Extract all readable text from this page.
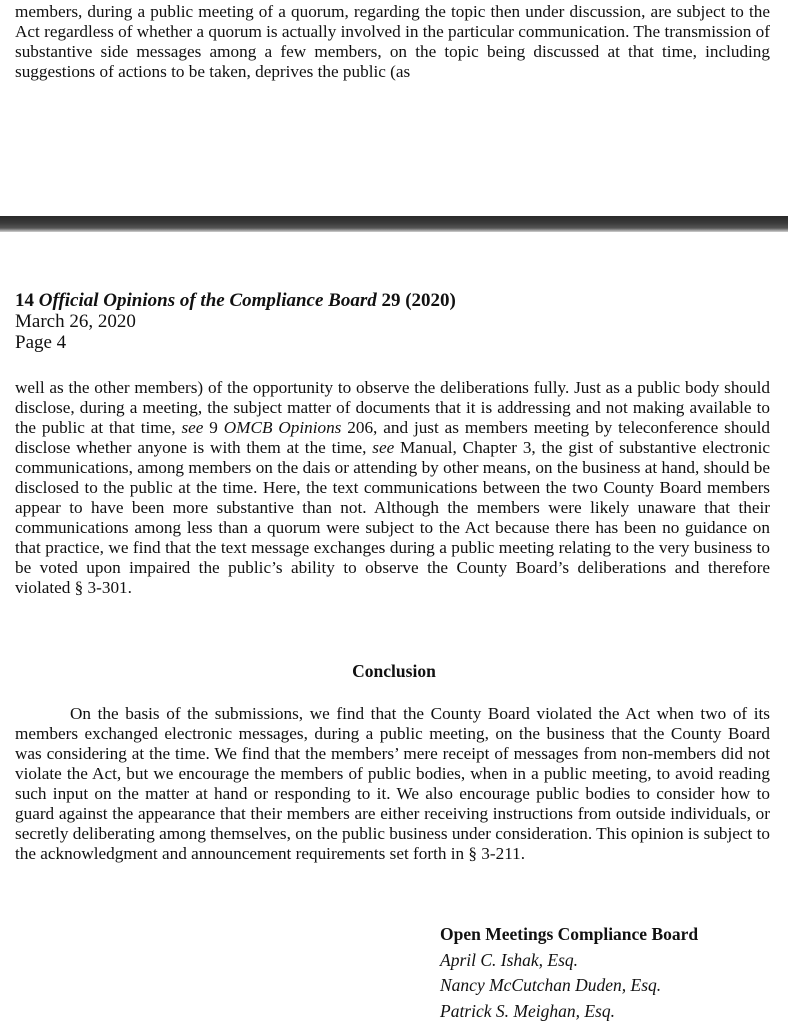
members, during a public meeting of a quorum, regarding the topic then under discussion, are subject to the Act regardless of whether a quorum is actually involved in the particular communication. The transmission of substantive side messages among a few members, on the topic being discussed at that time, including suggestions of actions to be taken, deprives the public (as

14 Official Opinions of the Compliance Board 29 (2020)
March 26, 2020
Page 4

well as the other members) of the opportunity to observe the deliberations fully. Just as a public body should disclose, during a meeting, the subject matter of documents that it is addressing and not making available to the public at that time, see 9 OMCB Opinions 206, and just as members meeting by teleconference should disclose whether anyone is with them at the time, see Manual, Chapter 3, the gist of substantive electronic communications, among members on the dais or attending by other means, on the business at hand, should be disclosed to the public at the time. Here, the text communications between the two County Board members appear to have been more substantive than not. Although the members were likely unaware that their communications among less than a quorum were subject to the Act because there has been no guidance on that practice, we find that the text message exchanges during a public meeting relating to the very business to be voted upon impaired the public’s ability to observe the County Board’s deliberations and therefore violated § 3-301.

Conclusion

On the basis of the submissions, we find that the County Board violated the Act when two of its members exchanged electronic messages, during a public meeting, on the business that the County Board was considering at the time. We find that the members’ mere receipt of messages from non-members did not violate the Act, but we encourage the members of public bodies, when in a public meeting, to avoid reading such input on the matter at hand or responding to it. We also encourage public bodies to consider how to guard against the appearance that their members are either receiving instructions from outside individuals, or secretly deliberating among themselves, on the public business under consideration. This opinion is subject to the acknowledgment and announcement requirements set forth in § 3-211.

Open Meetings Compliance Board
April C. Ishak, Esq.
Nancy McCutchan Duden, Esq.
Patrick S. Meighan, Esq.
